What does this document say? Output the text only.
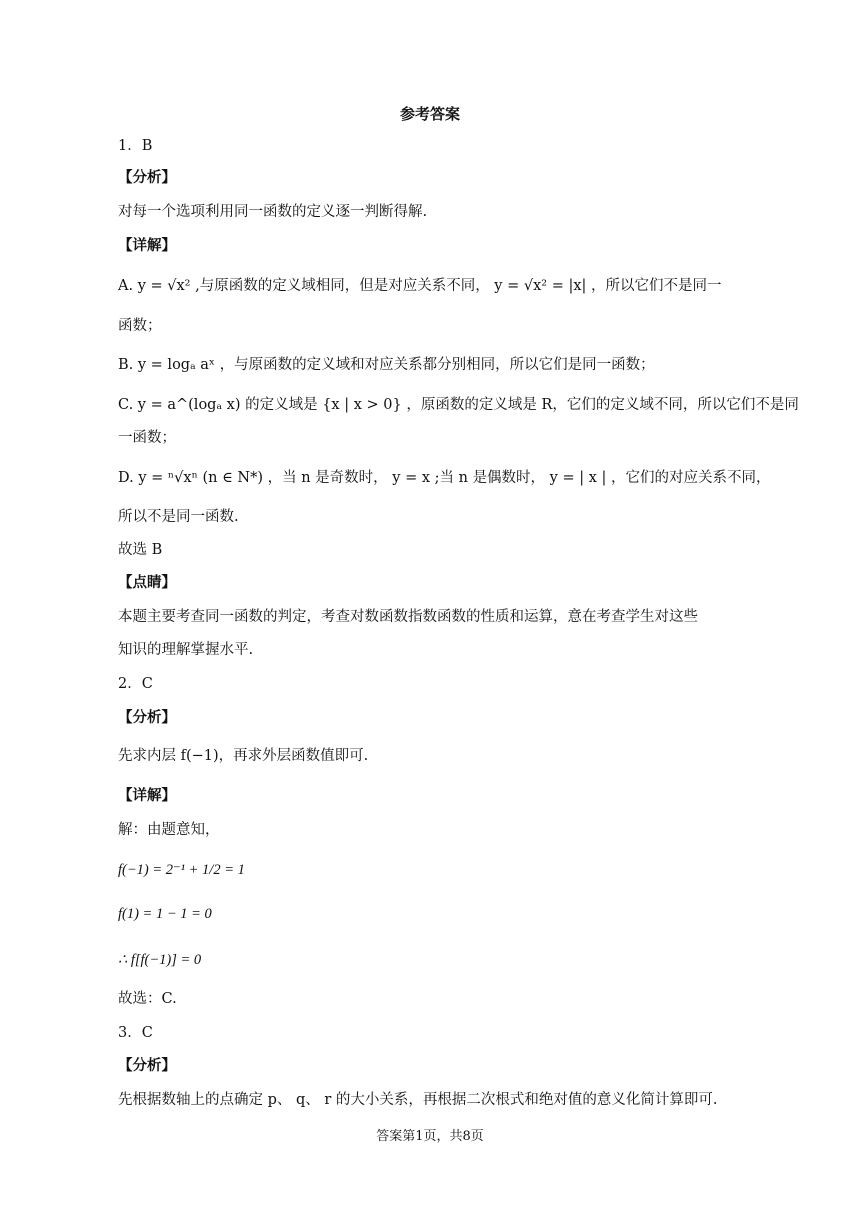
参考答案
1．B
【分析】
对每一个选项利用同一函数的定义逐一判断得解.
【详解】
A. y = √x² ,与原函数的定义域相同，但是对应关系不同， y = √x² = |x| ，所以它们不是同一
函数；
B. y = logₐ aˣ ，与原函数的定义域和对应关系都分别相同，所以它们是同一函数；
C. y = a^(logₐ x) 的定义域是 {x | x > 0} ，原函数的定义域是 R，它们的定义域不同，所以它们不是同
一函数；
D. y = ⁿ√xⁿ (n ∈ N*) ，当 n 是奇数时， y = x ;当 n 是偶数时， y = | x | ，它们的对应关系不同，
所以不是同一函数.
故选 B
【点睛】
本题主要考查同一函数的判定，考查对数函数指数函数的性质和运算，意在考查学生对这些
知识的理解掌握水平.
2．C
【分析】
先求内层 f(−1)，再求外层函数值即可.
【详解】
解：由题意知，
f(−1) = 2⁻¹ + 1/2 = 1
f(1) = 1 − 1 = 0
∴ f[f(−1)] = 0
故选：C.
3．C
【分析】
先根据数轴上的点确定 p、 q、 r 的大小关系，再根据二次根式和绝对值的意义化简计算即可.
答案第1页，共8页
